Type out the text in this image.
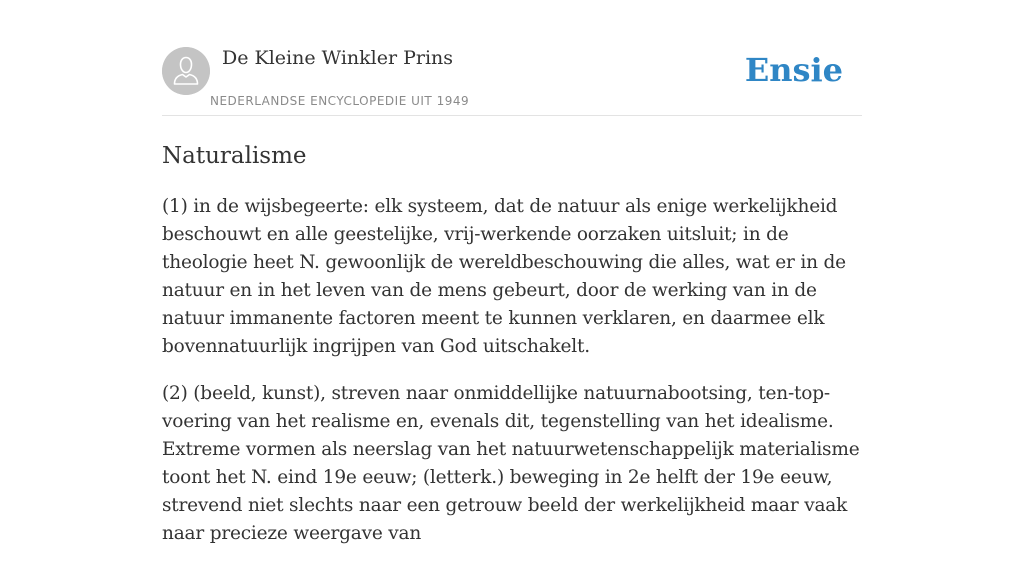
De Kleine Winkler Prins
NEDERLANDSE ENCYCLOPEDIE UIT 1949
Ensie
Naturalisme

(1) in de wijsbegeerte: elk systeem, dat de natuur als enige werkelijkheid beschouwt en alle geestelijke, vrij-werkende oorzaken uitsluit; in de theologie heet N. gewoonlijk de wereldbeschouwing die alles, wat er in de natuur en in het leven van de mens gebeurt, door de werking van in de natuur immanente factoren meent te kunnen verklaren, en daarmee elk bovennatuurlijk ingrijpen van God uitschakelt.

(2) (beeld, kunst), streven naar onmiddellijke natuurnabootsing, ten-top-voering van het realisme en, evenals dit, tegenstelling van het idealisme. Extreme vormen als neerslag van het natuurwetenschappelijk materialisme toont het N. eind 19e eeuw; (letterk.) beweging in 2e helft der 19e eeuw, strevend niet slechts naar een getrouw beeld der werkelijkheid maar vaak naar precieze weergave van
